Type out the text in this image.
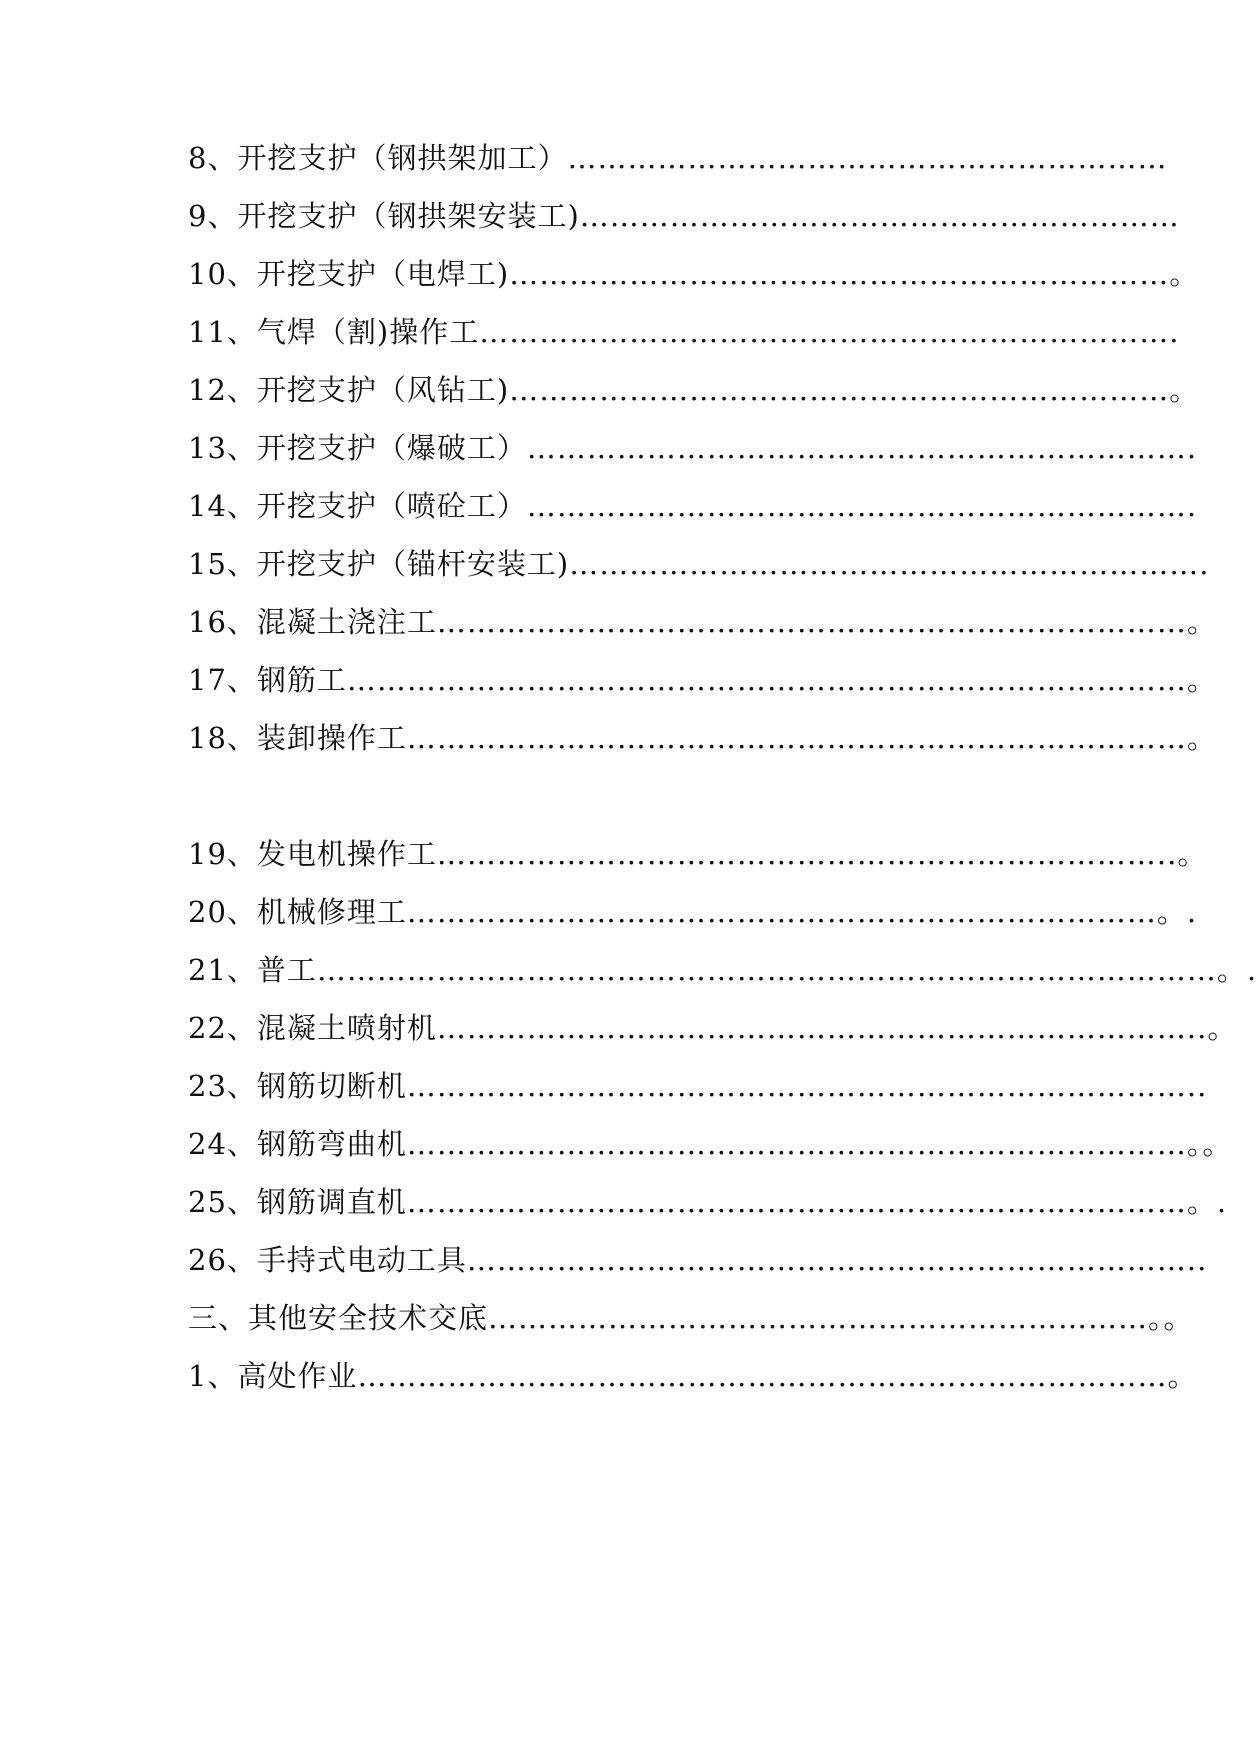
8、开挖支护（钢拱架加工）……………………………………………………
9、开挖支护（钢拱架安装工)……………………………………………………
10、开挖支护（电焊工)…………………………………………………………。
11、气焊（割)操作工…………………………………………………………….
12、开挖支护（风钻工)…………………………………………………………。
13、开挖支护（爆破工）………………………………………………………….
14、开挖支护（喷砼工）………………………………………………………….
15、开挖支护（锚杆安装工)……………………………………………………….
16、混凝土浇注工…………………………………………………………………。
17、钢筋工…………………………………………………………………………。
18、装卸操作工……………………………………………………………………。
19、发电机操作工………………………………………………………………..。
20、机械修理工…………………………………………………………………。.
21、普工………………………………………………………………………………。.
22、混凝土喷射机…………………………………………………………………..。
23、钢筋切断机……………………………………………………………………..
24、钢筋弯曲机……………………………………………………………………。。
25、钢筋调直机……………………………………………………………………。.
26、手持式电动工具………………………………………………………………..
三、其他安全技术交底…………………………………………………………。。
1、高处作业………………………………………………………………………。
